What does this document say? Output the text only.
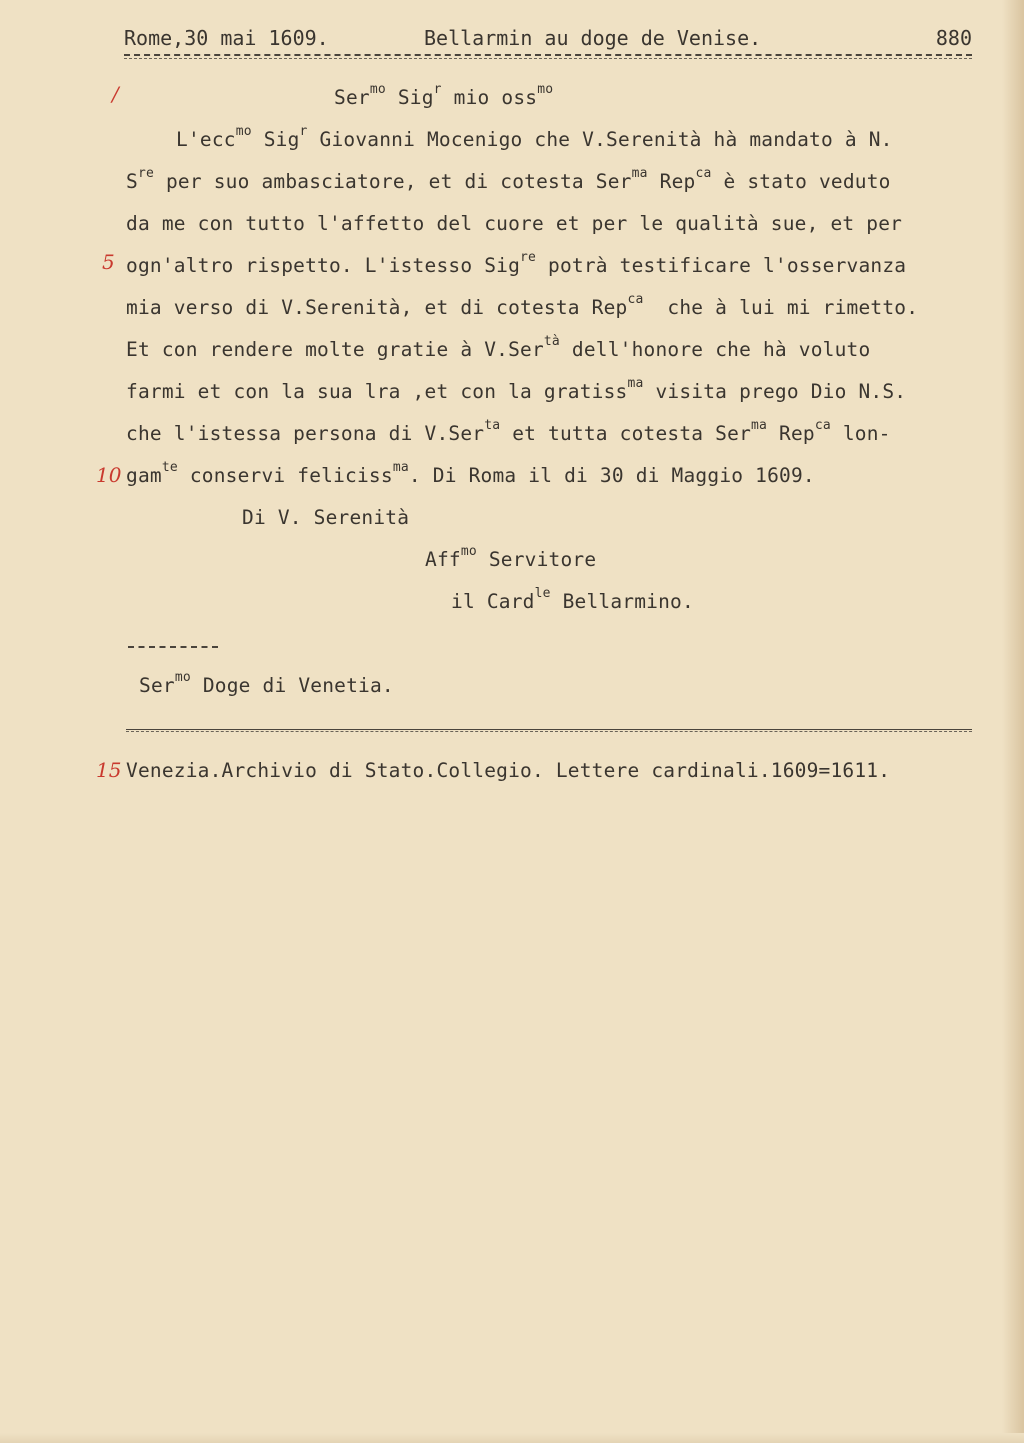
Rome,30 mai 1609.	Bellarmin au doge de Venise.	880
/
5
10
15
Ser$^{mo}$ Sig$^r$ mio oss$^{mo}$
L'ecc$^{mo}$ Sig$^r$ Giovanni Mocenigo che V.Serenità hà mandato à N.
$S^{re}$ per suo ambasciatore, et di cotesta Ser$^{ma}$ Rep$^{ca}$ è stato veduto
da me con tutto l'affetto del cuore et per le qualità sue, et per
ogn'altro rispetto. L'istesso Sig$^{re}$ potrà testificare l'osservanza
mia verso di V.Serenità, et di cotesta Rep$^{ca}$  che à lui mi rimetto.
Et con rendere molte gratie à V.Ser$^{tà}$ dell'honore che hà voluto
farmi et con la sua lra ,et con la gratiss$^{ma}$ visita prego Dio N.S.
che l'istessa persona di V.Ser$^{ta}$ et tutta cotesta Ser$^{ma}$ Rep$^{ca}$ lon-
gam$^{te}$ conservi feliciss$^{ma}$. Di Roma il di 30 di Maggio 1609.
Di V. Serenità
Aff$^{mo}$ Servitore
il Card$^{le}$ Bellarmino.
Ser$^{mo}$ Doge di Venetia.
Venezia.Archivio di Stato.Collegio. Lettere cardinali.1609=1611.
